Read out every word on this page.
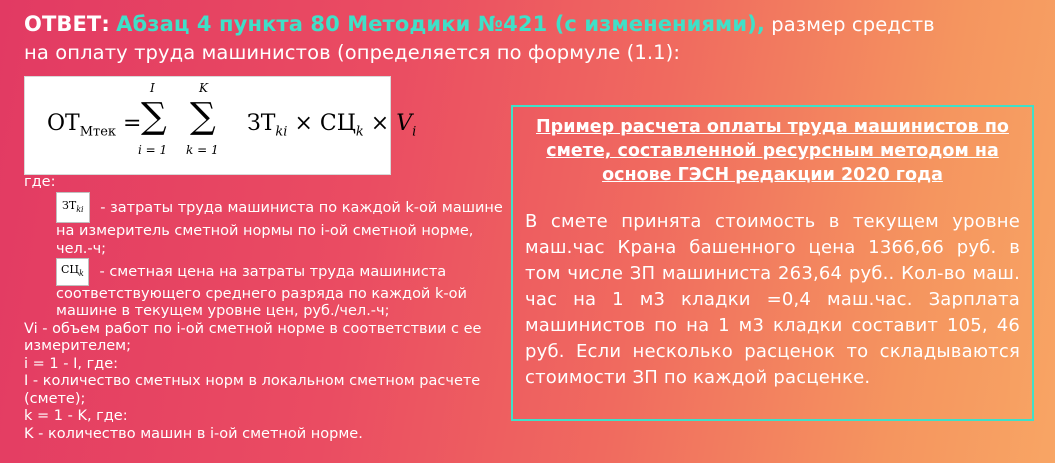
ОТВЕТ: Абзац 4 пункта 80 Методики №421 (с изменениями), размер средств
на оплату труда машинистов (определяется по формуле (1.1):
$ОТ_{Мтек}$ =
I
∑
i = 1
K
∑
k = 1
$ЗТ_{ki} \times СЦ_k \times V_i$

где:

$ЗТ_{ki}$ - затраты труда машиниста по каждой k-ой машине на измеритель сметной нормы по i-ой сметной норме, чел.-ч;

$СЦ_k$ - сметная цена на затраты труда машиниста соответствующего среднего разряда по каждой k-ой машине в текущем уровне цен, руб./чел.-ч;

Vi - объем работ по i-ой сметной норме в соответствии с ее измерителем;

i = 1 - I, где:

I - количество сметных норм в локальном сметном расчете (смете);

k = 1 - K, где:

K - количество машин в i-ой сметной норме.

Пример расчета оплаты труда машинистов по смете, составленной ресурсным методом на основе ГЭСН редакции 2020 года

В смете принята стоимость в текущем уровне маш.час Крана башенного цена 1366,66 руб. в том числе ЗП машиниста 263,64 руб.. Кол-во маш. час на 1 м3 кладки =0,4 маш.час. Зарплата машинистов по на 1 м3 кладки составит 105, 46 руб. Если несколько расценок то складываются стоимости ЗП по каждой расценке.
